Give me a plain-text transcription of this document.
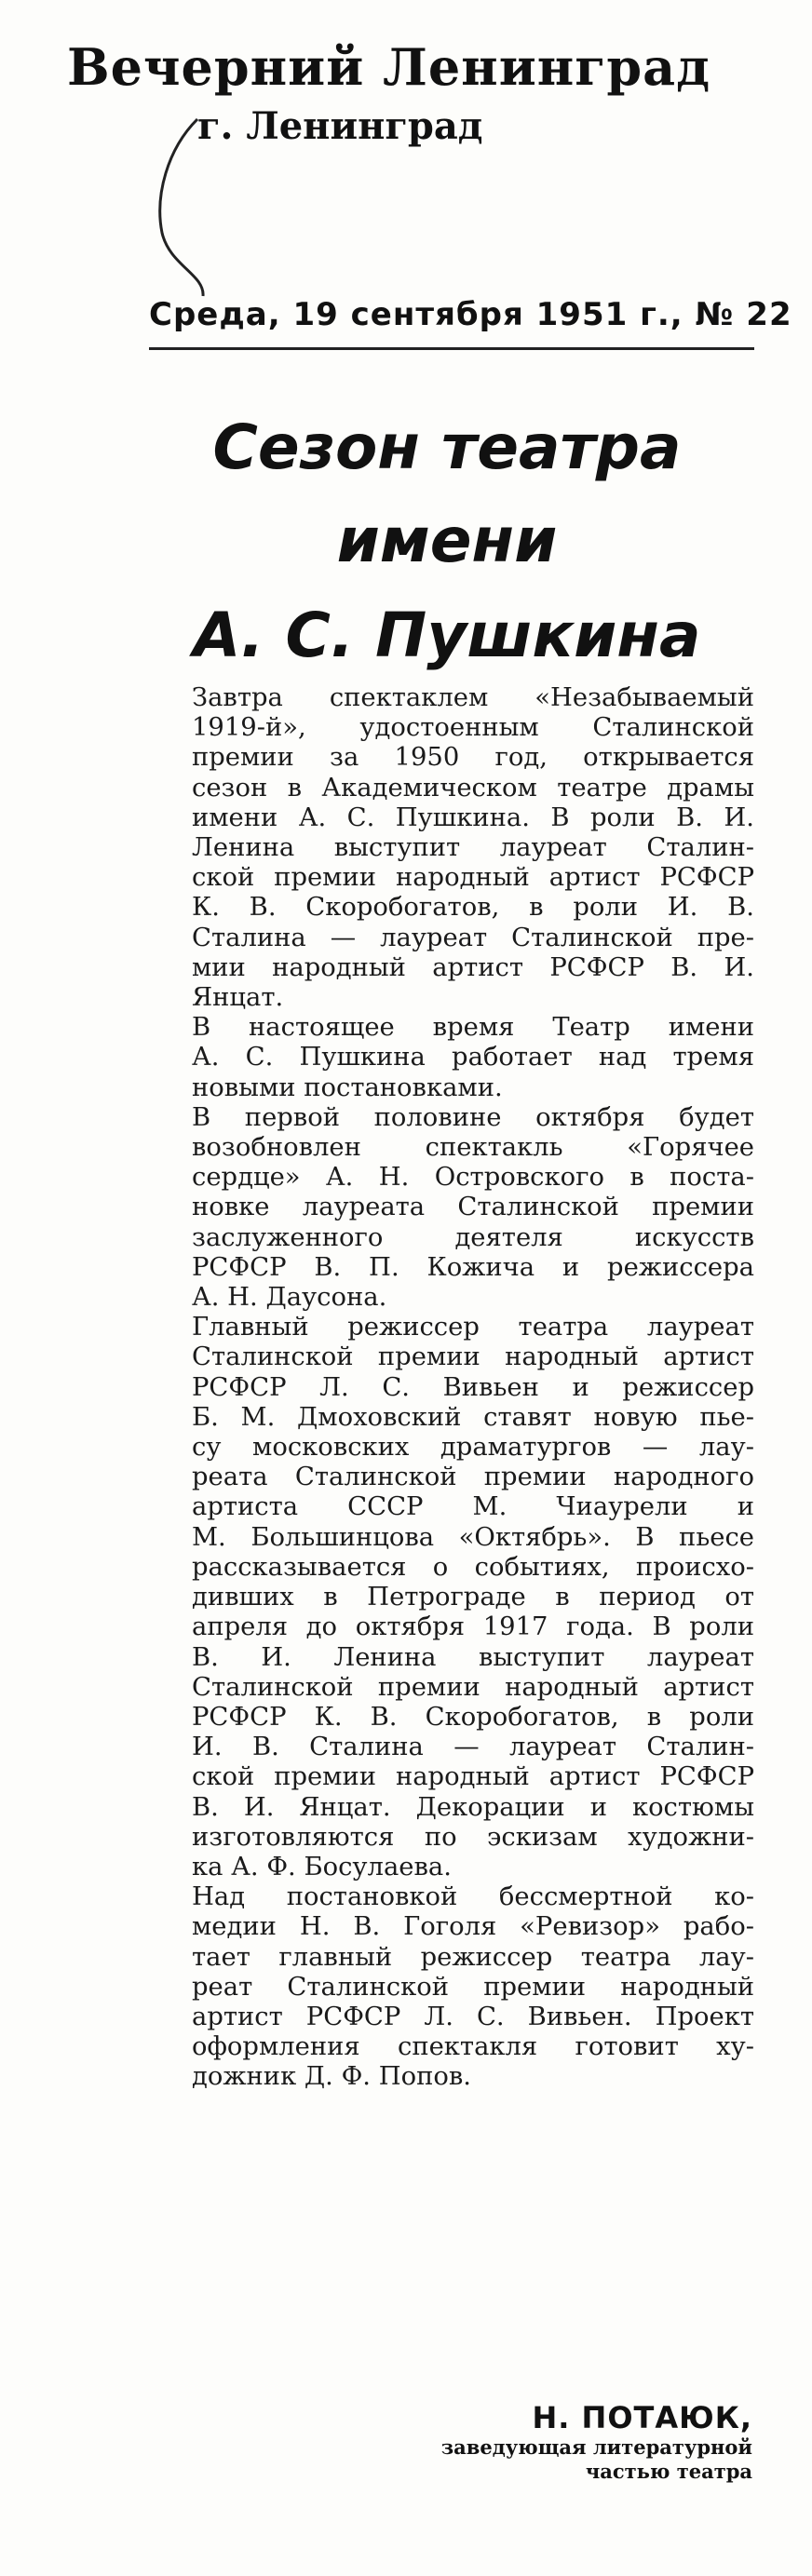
Вечерний Ленинград
г. Ленинград
Среда, 19 сентября 1951 г., № 22
Сезон театра
имени
А. С. Пушкина
Завтра спектаклем «Незабываемый
1919-й», удостоенным Сталинской
премии за 1950 год, открывается
сезон в Академическом театре драмы
имени А. С. Пушкина. В роли В. И.
Ленина выступит лауреат Сталин-
ской премии народный артист РСФСР
К. В. Скоробогатов, в роли И. В.
Сталина — лауреат Сталинской пре-
мии народный артист РСФСР В. И.
Янцат.
В настоящее время Театр имени
А. С. Пушкина работает над тремя
новыми постановками.
В первой половине октября будет
возобновлен спектакль «Горячее
сердце» А. Н. Островского в поста-
новке лауреата Сталинской премии
заслуженного деятеля искусств
РСФСР В. П. Кожича и режиссера
А. Н. Даусона.
Главный режиссер театра лауреат
Сталинской премии народный артист
РСФСР Л. С. Вивьен и режиссер
Б. М. Дмоховский ставят новую пье-
су московских драматургов — лау-
реата Сталинской премии народного
артиста СССР М. Чиаурели и
М. Большинцова «Октябрь». В пьесе
рассказывается о событиях, происхо-
дивших в Петрограде в период от
апреля до октября 1917 года. В роли
В. И. Ленина выступит лауреат
Сталинской премии народный артист
РСФСР К. В. Скоробогатов, в роли
И. В. Сталина — лауреат Сталин-
ской премии народный артист РСФСР
В. И. Янцат. Декорации и костюмы
изготовляются по эскизам художни-
ка А. Ф. Босулаева.
Над постановкой бессмертной ко-
медии Н. В. Гоголя «Ревизор» рабо-
тает главный режиссер театра лау-
реат Сталинской премии народный
артист РСФСР Л. С. Вивьен. Проект
оформления спектакля готовит ху-
дожник Д. Ф. Попов.
Н. ПОТАЮК,
заведующая литературной
частью театра
